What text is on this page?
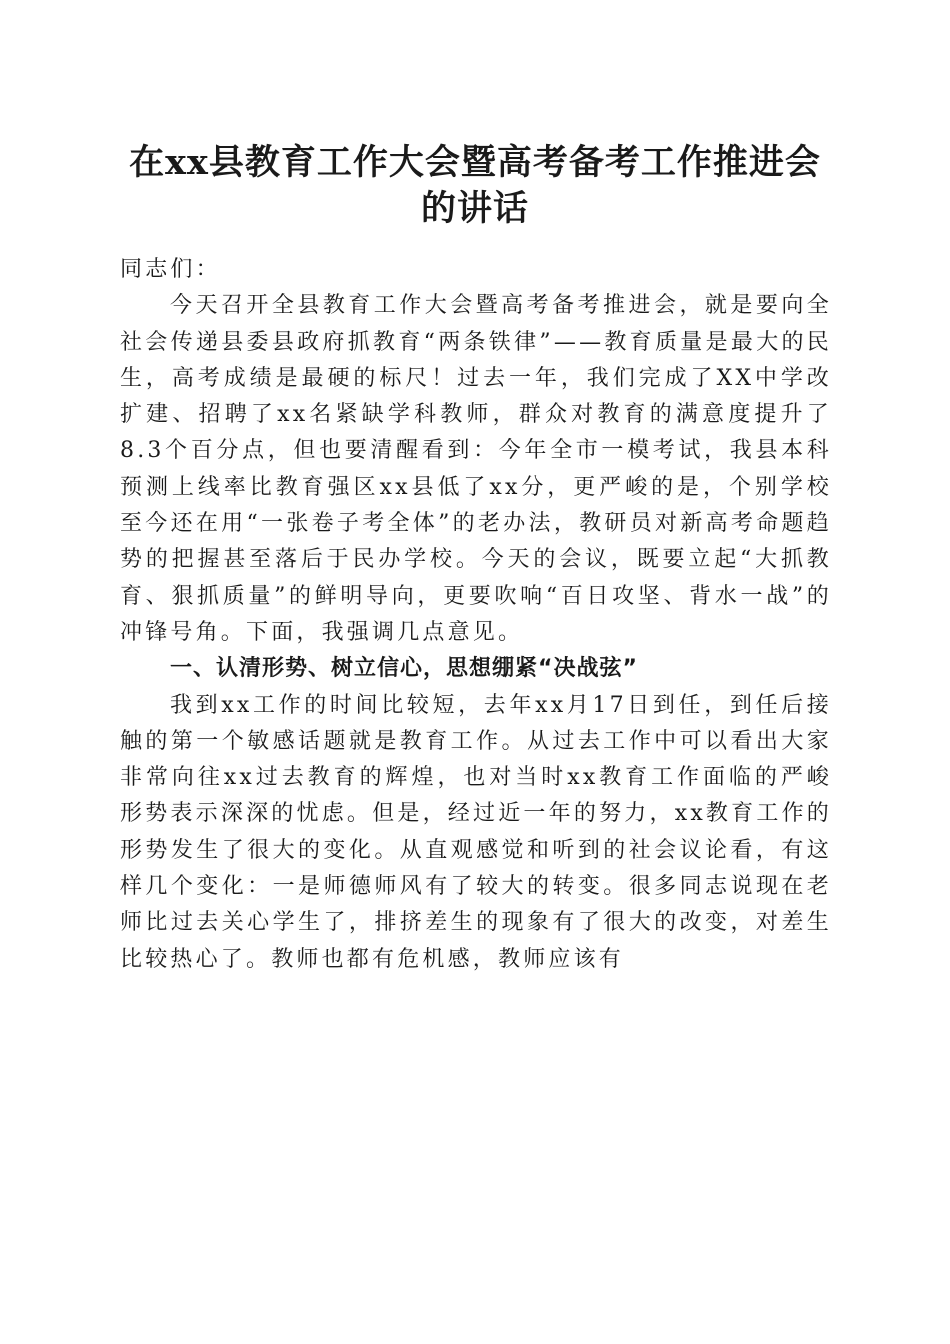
在xx县教育工作大会暨高考备考工作推进会
的讲话

同志们：

今天召开全县教育工作大会暨高考备考推进会，就是要向全社会传递县委县政府抓教育“两条铁律”——教育质量是最大的民生，高考成绩是最硬的标尺！过去一年，我们完成了XX中学改扩建、招聘了xx名紧缺学科教师，群众对教育的满意度提升了8.3个百分点，但也要清醒看到：今年全市一模考试，我县本科预测上线率比教育强区xx县低了xx分，更严峻的是，个别学校至今还在用“一张卷子考全体”的老办法，教研员对新高考命题趋势的把握甚至落后于民办学校。今天的会议，既要立起“大抓教育、狠抓质量”的鲜明导向，更要吹响“百日攻坚、背水一战”的冲锋号角。下面，我强调几点意见。

一、认清形势、树立信心，思想绷紧“决战弦”

我到xx工作的时间比较短，去年xx月17日到任，到任后接触的第一个敏感话题就是教育工作。从过去工作中可以看出大家非常向往xx过去教育的辉煌，也对当时xx教育工作面临的严峻形势表示深深的忧虑。但是，经过近一年的努力，xx教育工作的形势发生了很大的变化。从直观感觉和听到的社会议论看，有这样几个变化：一是师德师风有了较大的转变。很多同志说现在老师比过去关心学生了，排挤差生的现象有了很大的改变，对差生比较热心了。教师也都有危机感，教师应该有
